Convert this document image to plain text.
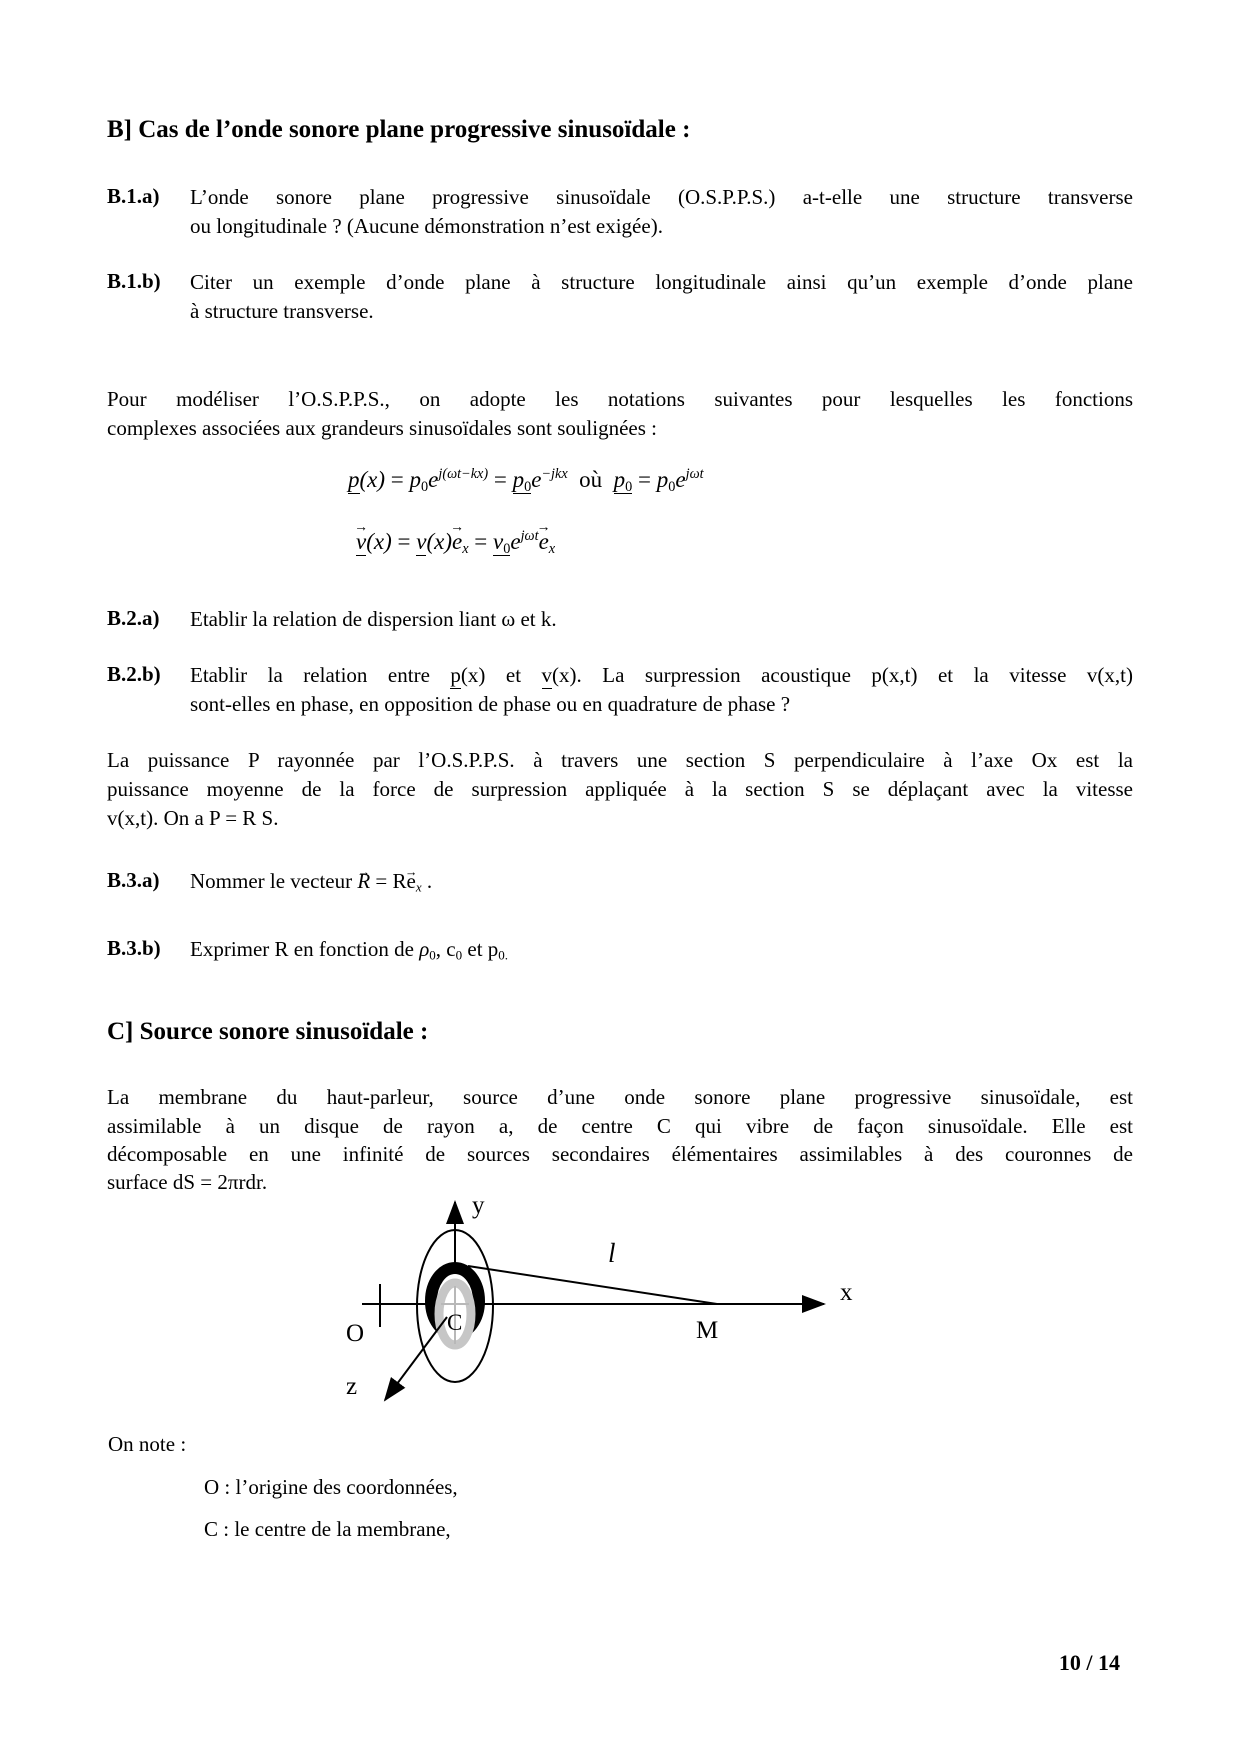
B] Cas de l’onde sonore plane progressive sinusoïdale :
B.1.a) L’onde sonore plane progressive sinusoïdale (O.S.P.P.S.) a-t-elle une structure transverse
ou longitudinale ? (Aucune démonstration n’est exigée).
B.1.b) Citer un exemple d’onde plane à structure longitudinale ainsi qu’un exemple d’onde plane
à structure transverse.
Pour modéliser l’O.S.P.P.S., on adopte les notations suivantes pour lesquelles les fonctions
complexes associées aux grandeurs sinusoïdales sont soulignées :
$p(x) = p_0e^{j(\omega t-kx)} = p_0e^{-jkx}$  où  $p_0 = p_0e^{j\omega t}$
$v \to(x) = v(x)e \to_x = v_0e^{j\omega t}e \to_x$
B.2.a) Etablir la relation de dispersion liant ω et k.
B.2.b) Etablir la relation entre p(x) et v(x). La surpression acoustique p(x,t) et la vitesse v(x,t)
sont-elles en phase, en opposition de phase ou en quadrature de phase ?
La puissance P rayonnée par l’O.S.P.P.S. à travers une section S perpendiculaire à l’axe Ox est la
puissance moyenne de la force de surpression appliquée à la section S se déplaçant avec la vitesse
v(x,t). On a P = R S.
B.3.a) Nommer le vecteur R → = $Re \to_x$ .
B.3.b) Exprimer R en fonction de $\rho_0$, $c_0$ et $p_{0.}$
C] Source sonore sinusoïdale :
La membrane du haut-parleur, source d’une onde sonore plane progressive sinusoïdale, est
assimilable à un disque de rayon a, de centre C qui vibre de façon sinusoïdale. Elle est
décomposable en une infinité de sources secondaires élémentaires assimilables à des couronnes de
surface dS = 2πrdr.
y
x
z
O	C	M
l
On note :
O : l’origine des coordonnées,
C : le centre de la membrane,
10 / 14
